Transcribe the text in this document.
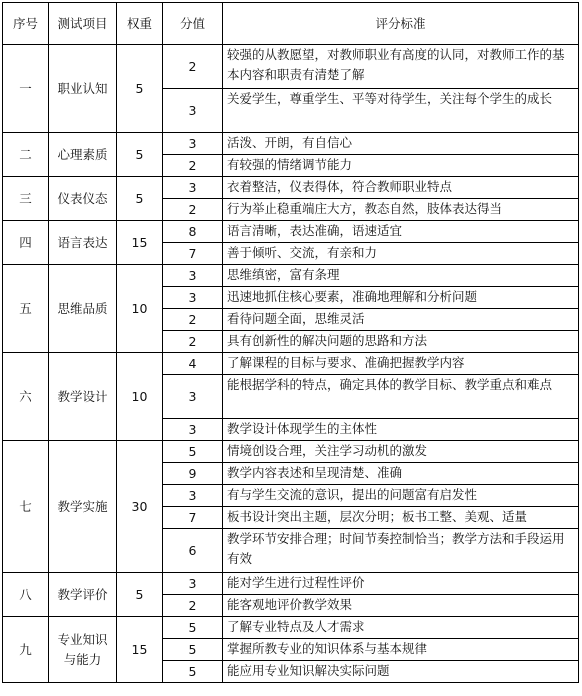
序号	测试项目	权重	分值	评分标准
一	职业认知	5	2	较强的从教愿望，对教师职业有高度的认同，对教师工作的基本内容和职责有清楚了解
			3	关爱学生，尊重学生、平等对待学生，关注每个学生的成长
二	心理素质	5	3	活泼、开朗，有自信心
			2	有较强的情绪调节能力
三	仪表仪态	5	3	衣着整洁，仪表得体，符合教师职业特点
			2	行为举止稳重端庄大方，教态自然，肢体表达得当
四	语言表达	15	8	语言清晰，表达准确，语速适宜
			7	善于倾听、交流，有亲和力
五	思维品质	10	3	思维缜密，富有条理
			3	迅速地抓住核心要素，准确地理解和分析问题
			2	看待问题全面，思维灵活
			2	具有创新性的解决问题的思路和方法
六	教学设计	10	4	了解课程的目标与要求、准确把握教学内容
			3	能根据学科的特点，确定具体的教学目标、教学重点和难点
			3	教学设计体现学生的主体性
七	教学实施	30	5	情境创设合理，关注学习动机的激发
			9	教学内容表述和呈现清楚、准确
			3	有与学生交流的意识，提出的问题富有启发性
			7	板书设计突出主题，层次分明；板书工整、美观、适量
			6	教学环节安排合理；时间节奏控制恰当；教学方法和手段运用有效
八	教学评价	5	3	能对学生进行过程性评价
			2	能客观地评价教学效果
九	专业知识与能力	15	5	了解专业特点及人才需求
			5	掌握所教专业的知识体系与基本规律
			5	能应用专业知识解决实际问题
